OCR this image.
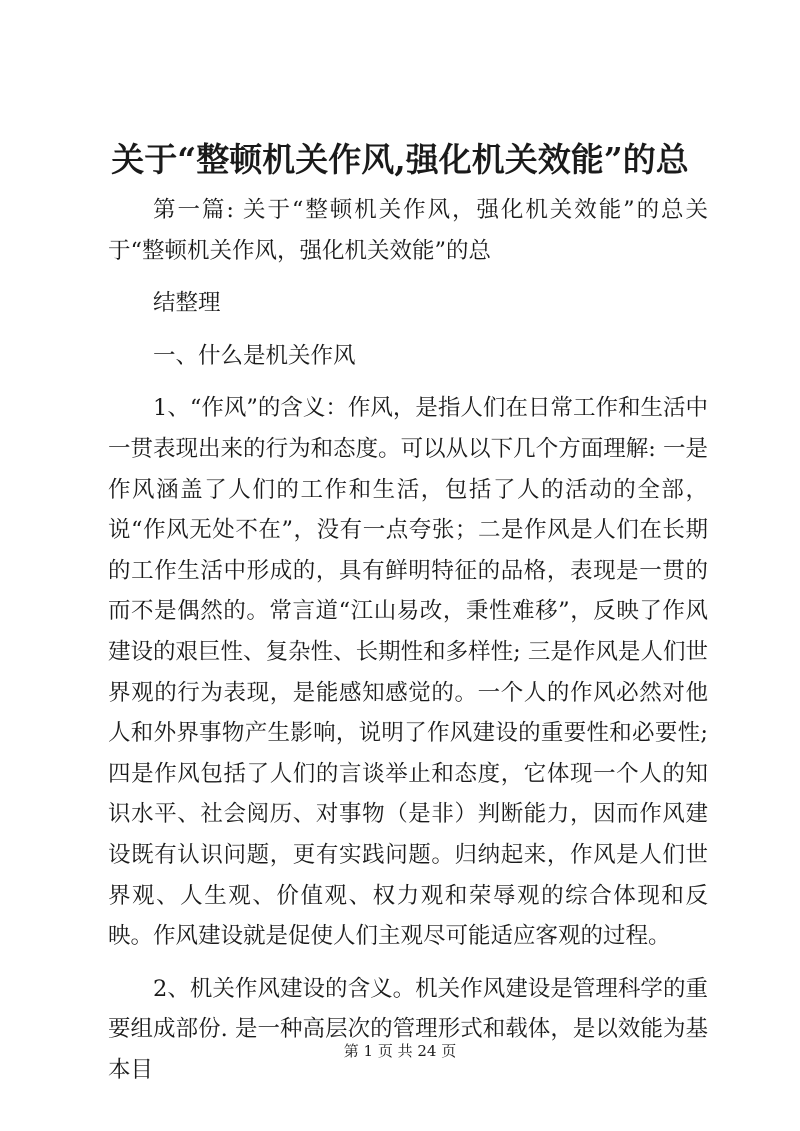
关于“整顿机关作风,强化机关效能”的总

第一篇: 关于“整顿机关作风，强化机关效能”的总关于“整顿机关作风，强化机关效能”的总

结整理

一、什么是机关作风

1、“作风”的含义：作风，是指人们在日常工作和生活中一贯表现出来的行为和态度。可以从以下几个方面理解: 一是作风涵盖了人们的工作和生活，包括了人的活动的全部，说“作风无处不在”，没有一点夸张；二是作风是人们在长期的工作生活中形成的，具有鲜明特征的品格，表现是一贯的而不是偶然的。常言道“江山易改，秉性难移”，反映了作风建设的艰巨性、复杂性、长期性和多样性; 三是作风是人们世界观的行为表现，是能感知感觉的。一个人的作风必然对他人和外界事物产生影响，说明了作风建设的重要性和必要性; 四是作风包括了人们的言谈举止和态度，它体现一个人的知识水平、社会阅历、对事物（是非）判断能力，因而作风建设既有认识问题，更有实践问题。归纳起来，作风是人们世界观、人生观、价值观、权力观和荣辱观的综合体现和反映。作风建设就是促使人们主观尽可能适应客观的过程。

2、机关作风建设的含义。机关作风建设是管理科学的重要组成部份. 是一种高层次的管理形式和载体，是以效能为基本目

第 1 页 共 24 页
